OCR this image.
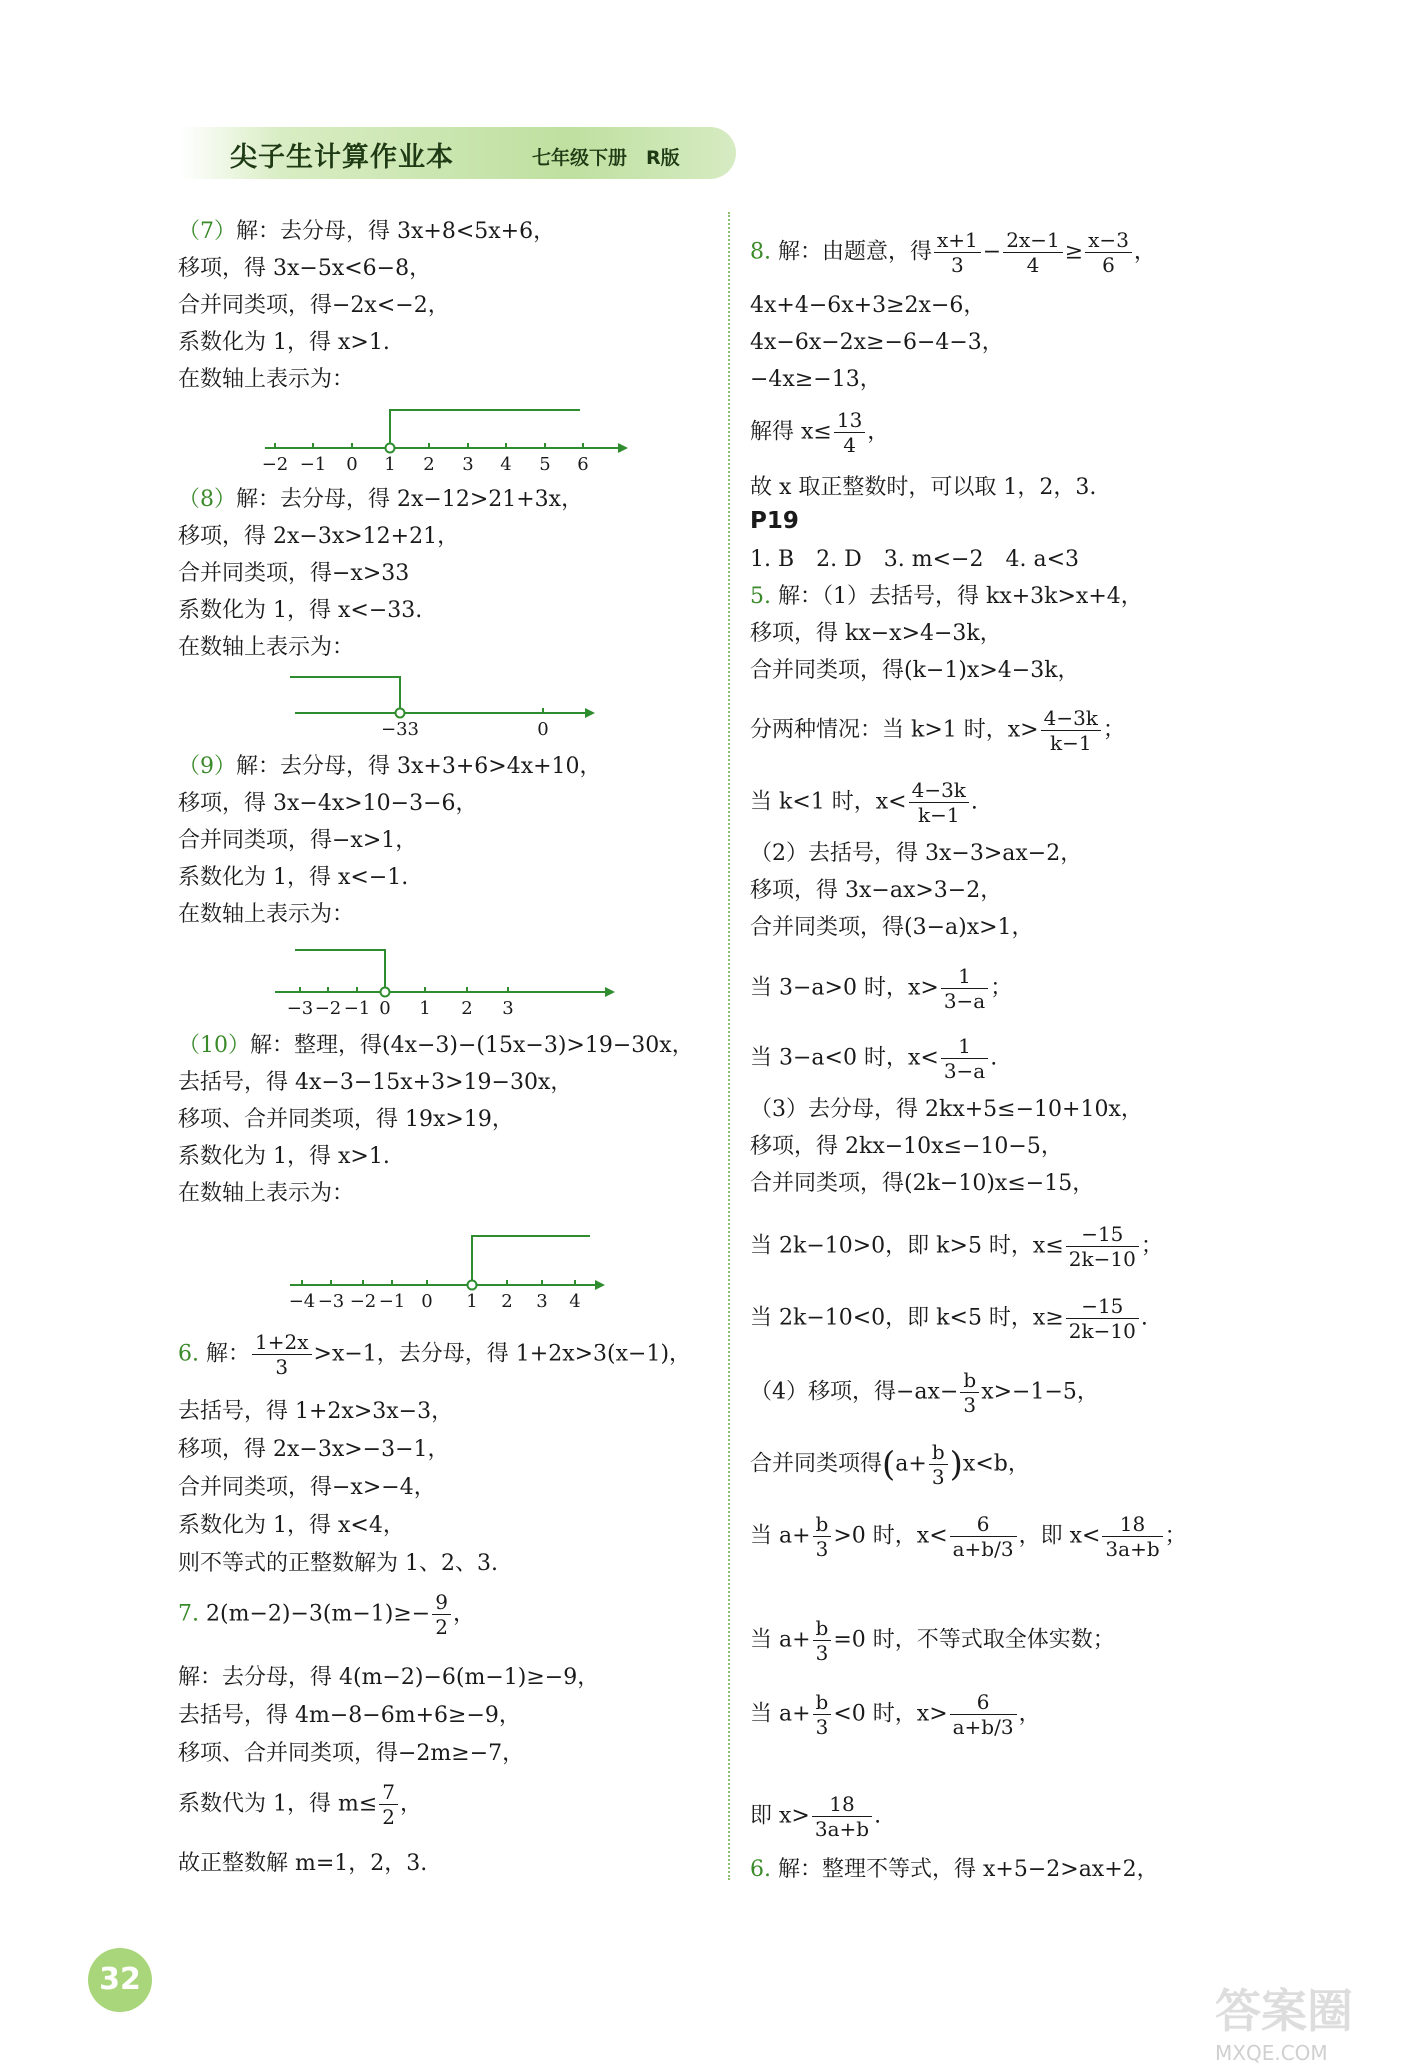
尖子生计算作业本	七年级下册　R版
（7）解：去分母，得 3x+8<5x+6，
移项，得 3x−5x<6−8，
合并同类项，得−2x<−2，
系数化为 1，得 x>1.
在数轴上表示为：
−2 −1 0 1 2 3 4 5 6
（8）解：去分母，得 2x−12>21+3x，
移项，得 2x−3x>12+21，
合并同类项，得−x>33
系数化为 1，得 x<−33.
在数轴上表示为：
−33	0
（9）解：去分母，得 3x+3+6>4x+10，
移项，得 3x−4x>10−3−6，
合并同类项，得−x>1，
系数化为 1，得 x<−1.
在数轴上表示为：
−3 −2 −1 0 1 2 3
（10）解：整理，得(4x−3)−(15x−3)>19−30x，
去括号，得 4x−3−15x+3>19−30x，
移项、合并同类项，得 19x>19，
系数化为 1，得 x>1.
在数轴上表示为：
−4 −3 −2 −1 0 1 2 3 4
6. 解： $\frac{1+2x}{3} >x-1$，去分母，得 1+2x>3(x−1)，
去括号，得 1+2x>3x−3，
移项，得 2x−3x>−3−1，
合并同类项，得−x>−4，
系数化为 1，得 x<4，
则不等式的正整数解为 1、2、3.
7. $2(m-2)-3(m-1)\ge- \frac{9}{2}$ ，
解：去分母，得 4(m−2)−6(m−1)≥−9，
去括号，得 4m−8−6m+6≥−9，
移项、合并同类项，得−2m≥−7，
系数代为 1，得 $m\le \frac{7}{2}$ ，
故正整数解 m=1，2，3.
8. 解：由题意，得 $\frac{x+1}{3} - \frac{2x-1}{4} \ge \frac{x-3}{6}$ ，
4x+4−6x+3≥2x−6，
4x−6x−2x≥−6−4−3，
−4x≥−13，
解得 $x\le \frac{13}{4}$ ，
故 x 取正整数时，可以取 1，2，3.
P19
1. B　2. D　3. m<−2　4. a<3
5. 解：（1）去括号，得 kx+3k>x+4，
移项，得 kx−x>4−3k，
合并同类项，得(k−1)x>4−3k，
分两种情况：当 k>1 时，$x> \frac{4-3k}{k-1}$ ；
当 k<1 时，$x< \frac{4-3k}{k-1}$ .
（2）去括号，得 3x−3>ax−2，
移项，得 3x−ax>3−2，
合并同类项，得(3−a)x>1，
当 3−a>0 时，$x> \frac{1}{3-a}$ ；
当 3−a<0 时，$x< \frac{1}{3-a}$ .
（3）去分母，得 2kx+5≤−10+10x，
移项，得 2kx−10x≤−10−5，
合并同类项，得(2k−10)x≤−15，
当 2k−10>0，即 k>5 时，$x\le \frac{-15}{2k-10}$ ；
当 2k−10<0，即 k<5 时，$x\ge \frac{-15}{2k-10}$ .
（4）移项，得$-ax- \frac{b}{3} x>-1-5$，
合并同类项得$(a+ \frac{b}{3} )x<b$，
当 $a+ \frac{b}{3} >0$ 时，$x< \frac{6}{a+b/3}$ ，即 $x< \frac{18}{3a+b}$ ；
当 $a+ \frac{b}{3} =0$ 时，不等式取全体实数；
当 $a+ \frac{b}{3} <0$ 时，$x> \frac{6}{a+b/3}$ ，
即 $x> \frac{18}{3a+b}$ .
6. 解：整理不等式，得 x+5−2>ax+2，
32
答案圈
MXQE.COM
